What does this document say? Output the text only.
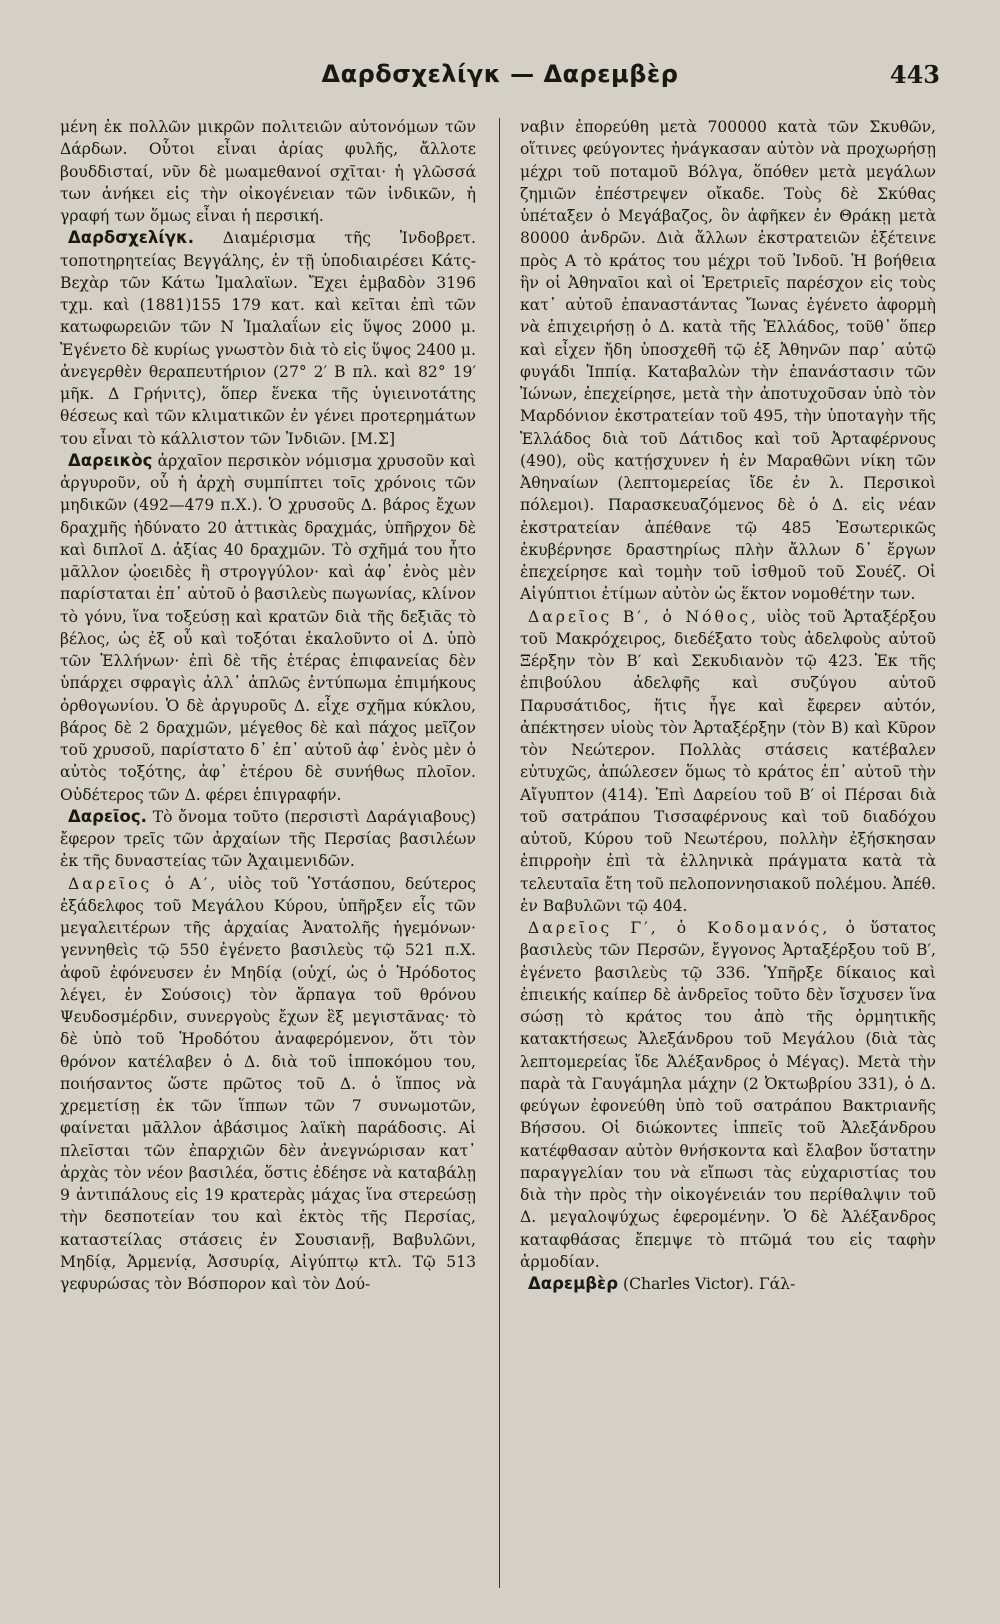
Δαρδσχελίγκ — Δαρεμβὲρ	443

μένη ἐκ πολλῶν μικρῶν πολιτειῶν αὐτονόμων τῶν Δάρδων. Οὗτοι εἶναι ἀρίας φυλῆς, ἄλλοτε βουδδισταί, νῦν δὲ μωαμεθανοί σχῖται· ἡ γλῶσσά των ἀνήκει εἰς τὴν οἰκογένειαν τῶν ἰνδικῶν, ἡ γραφή των ὅμως εἶναι ἡ περσική.

Δαρδσχελίγκ. Διαμέρισμα τῆς Ἰνδοβρετ. τοποτηρητείας Βεγγάλης, ἐν τῇ ὑποδιαιρέσει Κάτς-Βεχὰρ τῶν Κάτω Ἱμαλαϊων. Ἔχει ἐμβαδὸν 3196 τχμ. καὶ (1881)155 179 κατ. καὶ κεῖται ἐπὶ τῶν κατωφωρειῶν τῶν Ν Ἱμαλαΐων εἰς ὕψος 2000 μ. Ἐγένετο δὲ κυρίως γνωστὸν διὰ τὸ εἰς ὕψος 2400 μ. ἀνεγερθὲν θεραπευτήριον (27° 2′ Β πλ. καὶ 82° 19′ μῆκ. Δ Γρήνιτς), ὅπερ ἕνεκα τῆς ὑγιεινοτάτης θέσεως καὶ τῶν κλιματικῶν ἐν γένει προτερημάτων του εἶναι τὸ κάλλιστον τῶν Ἰνδιῶν. [Μ.Σ]

Δαρεικὸς ἀρχαῖον περσικὸν νόμισμα χρυσοῦν καὶ ἀργυροῦν, οὗ ἡ ἀρχὴ συμπίπτει τοῖς χρόνοις τῶν μηδικῶν (492—479 π.Χ.). Ὁ χρυσοῦς Δ. βάρος ἔχων δραχμῆς ἠδύνατο 20 ἀττικὰς δραχμάς, ὑπῆρχον δὲ καὶ διπλοῖ Δ. ἀξίας 40 δραχμῶν. Τὸ σχῆμά του ἦτο μᾶλλον ᾠοειδὲς ἢ στρογγύλον· καὶ ἀφ᾽ ἑνὸς μὲν παρίσταται ἐπ᾽ αὐτοῦ ὁ βασιλεὺς πωγωνίας, κλίνον τὸ γόνυ, ἵνα τοξεύσῃ καὶ κρατῶν διὰ τῆς δεξιᾶς τὸ βέλος, ὡς ἐξ οὗ καὶ τοξόται ἐκαλοῦντο οἱ Δ. ὑπὸ τῶν Ἑλλήνων· ἐπὶ δὲ τῆς ἑτέρας ἐπιφανείας δὲν ὑπάρχει σφραγὶς ἀλλ᾽ ἁπλῶς ἐντύπωμα ἐπιμήκους ὀρθογωνίου. Ὁ δὲ ἀργυροῦς Δ. εἶχε σχῆμα κύκλου, βάρος δὲ 2 δραχμῶν, μέγεθος δὲ καὶ πάχος μεῖζον τοῦ χρυσοῦ, παρίστατο δ᾽ ἐπ᾽ αὐτοῦ ἀφ᾽ ἑνὸς μὲν ὁ αὐτὸς τοξότης, ἀφ᾽ ἑτέρου δὲ συνήθως πλοῖον. Οὐδέτερος τῶν Δ. φέρει ἐπιγραφήν.

Δαρεῖος. Τὸ ὄνομα τοῦτο (περσιστὶ Δαράγιαβους) ἔφερον τρεῖς τῶν ἀρχαίων τῆς Περσίας βασιλέων ἐκ τῆς δυναστείας τῶν Ἀχαιμενιδῶν.

Δαρεῖος ὁ Α′, υἱὸς τοῦ Ὑστάσπου, δεύτερος ἐξάδελφος τοῦ Μεγάλου Κύρου, ὑπῆρξεν εἷς τῶν μεγαλειτέρων τῆς ἀρχαίας Ἀνατολῆς ἡγεμόνων· γεννηθεὶς τῷ 550 ἐγένετο βασιλεὺς τῷ 521 π.Χ. ἀφοῦ ἐφόνευσεν ἐν Μηδίᾳ (οὐχί, ὡς ὁ Ἡρόδοτος λέγει, ἐν Σούσοις) τὸν ἅρπαγα τοῦ θρόνου Ψευδοσμέρδιν, συνεργοὺς ἔχων ἓξ μεγιστᾶνας· τὸ δὲ ὑπὸ τοῦ Ἡροδότου ἀναφερόμενον, ὅτι τὸν θρόνον κατέλαβεν ὁ Δ. διὰ τοῦ ἱπποκόμου του, ποιήσαντος ὥστε πρῶτος τοῦ Δ. ὁ ἵππος νὰ χρεμετίσῃ ἐκ τῶν ἵππων τῶν 7 συνωμοτῶν, φαίνεται μᾶλλον ἀβάσιμος λαϊκὴ παράδοσις. Αἱ πλεῖσται τῶν ἐπαρχιῶν δὲν ἀνεγνώρισαν κατ᾽ ἀρχὰς τὸν νέον βασιλέα, ὅστις ἐδέησε νὰ καταβάλῃ 9 ἀντιπάλους εἰς 19 κρατερὰς μάχας ἵνα στερεώσῃ τὴν δεσποτείαν του καὶ ἐκτὸς τῆς Περσίας, καταστείλας στάσεις ἐν Σουσιανῇ, Βαβυλῶνι, Μηδίᾳ, Ἀρμενίᾳ, Ἀσσυρίᾳ, Αἰγύπτῳ κτλ. Τῷ 513 γεφυρώσας τὸν Βόσπορον καὶ τὸν Δού-

ναβιν ἐπορεύθη μετὰ 700000 κατὰ τῶν Σκυθῶν, οἵτινες φεύγοντες ἠνάγκασαν αὐτὸν νὰ προχωρήσῃ μέχρι τοῦ ποταμοῦ Βόλγα, ὅπόθεν μετὰ μεγάλων ζημιῶν ἐπέστρεψεν οἴκαδε. Τοὺς δὲ Σκύθας ὑπέταξεν ὁ Μεγάβαζος, ὃν ἀφῆκεν ἐν Θράκῃ μετὰ 80000 ἀνδρῶν. Διὰ ἄλλων ἐκστρατειῶν ἐξέτεινε πρὸς Α τὸ κράτος του μέχρι τοῦ Ἰνδοῦ. Ἡ βοήθεια ἣν οἱ Ἀθηναῖοι καὶ οἱ Ἐρετριεῖς παρέσχον εἰς τοὺς κατ᾽ αὐτοῦ ἐπαναστάντας Ἴωνας ἐγένετο ἀφορμὴ νὰ ἐπιχειρήσῃ ὁ Δ. κατὰ τῆς Ἑλλάδος, τοῦθ᾽ ὅπερ καὶ εἶχεν ἤδη ὑποσχεθῆ τῷ ἐξ Ἀθηνῶν παρ᾽ αὐτῷ φυγάδι Ἱππίᾳ. Καταβαλὼν τὴν ἐπανάστασιν τῶν Ἰώνων, ἐπεχείρησε, μετὰ τὴν ἀποτυχοῦσαν ὑπὸ τὸν Μαρδόνιον ἐκστρατείαν τοῦ 495, τὴν ὑποταγὴν τῆς Ἑλλάδος διὰ τοῦ Δάτιδος καὶ τοῦ Ἀρταφέρνους (490), οὓς κατῄσχυνεν ἡ ἐν Μαραθῶνι νίκη τῶν Ἀθηναίων (λεπτομερείας ἴδε ἐν λ. Περσικοὶ πόλεμοι). Παρασκευαζόμενος δὲ ὁ Δ. εἰς νέαν ἐκστρατείαν ἀπέθανε τῷ 485 Ἐσωτερικῶς ἐκυβέρνησε δραστηρίως πλὴν ἄλλων δ᾽ ἔργων ἐπεχείρησε καὶ τομὴν τοῦ ἰσθμοῦ τοῦ Σουέζ. Οἱ Αἰγύπτιοι ἐτίμων αὐτὸν ὡς ἕκτον νομοθέτην των.

Δαρεῖος Β′, ὁ Νόθος, υἱὸς τοῦ Ἀρταξέρξου τοῦ Μακρόχειρος, διεδέξατο τοὺς ἀδελφοὺς αὐτοῦ Ξέρξην τὸν Β′ καὶ Σεκυδιανὸν τῷ 423. Ἐκ τῆς ἐπιβούλου ἀδελφῆς καὶ συζύγου αὐτοῦ Παρυσάτιδος, ἥτις ἦγε καὶ ἔφερεν αὐτόν, ἀπέκτησεν υἱοὺς τὸν Ἀρταξέρξην (τὸν Β) καὶ Κῦρον τὸν Νεώτερον. Πολλὰς στάσεις κατέβαλεν εὐτυχῶς, ἀπώλεσεν ὅμως τὸ κράτος ἐπ᾽ αὐτοῦ τὴν Αἴγυπτον (414). Ἐπὶ Δαρείου τοῦ Β′ οἱ Πέρσαι διὰ τοῦ σατράπου Τισσαφέρνους καὶ τοῦ διαδόχου αὐτοῦ, Κύρου τοῦ Νεωτέρου, πολλὴν ἐξήσκησαν ἐπιρροὴν ἐπὶ τὰ ἑλληνικὰ πράγματα κατὰ τὰ τελευταῖα ἔτη τοῦ πελοποννησιακοῦ πολέμου. Ἀπέθ. ἐν Βαβυλῶνι τῷ 404.

Δαρεῖος Γ′, ὁ Κοδομανός, ὁ ὕστατος βασιλεὺς τῶν Περσῶν, ἔγγονος Ἀρταξέρξου τοῦ Β′, ἐγένετο βασιλεὺς τῷ 336. Ὑπῆρξε δίκαιος καὶ ἐπιεικής καίπερ δὲ ἀνδρεῖος τοῦτο δὲν ἴσχυσεν ἵνα σώσῃ τὸ κράτος του ἀπὸ τῆς ὁρμητικῆς κατακτήσεως Ἀλεξάνδρου τοῦ Μεγάλου (διὰ τὰς λεπτομερείας ἴδε Ἀλέξανδρος ὁ Μέγας). Μετὰ τὴν παρὰ τὰ Γαυγάμηλα μάχην (2 Ὀκτωβρίου 331), ὁ Δ. φεύγων ἐφονεύθη ὑπὸ τοῦ σατράπου Βακτριανῆς Βήσσου. Οἱ διώκοντες ἱππεῖς τοῦ Ἀλεξάνδρου κατέφθασαν αὐτὸν θνήσκοντα καὶ ἔλαβον ὕστατην παραγγελίαν του νὰ εἴπωσι τὰς εὐχαριστίας του διὰ τὴν πρὸς τὴν οἰκογένειάν του περίθαλψιν τοῦ Δ. μεγαλοψύχως ἐφερομένην. Ὁ δὲ Ἀλέξανδρος καταφθάσας ἔπεμψε τὸ πτῶμά του εἰς ταφὴν ἁρμοδίαν.

Δαρεμβὲρ (Charles Victor). Γάλ-
